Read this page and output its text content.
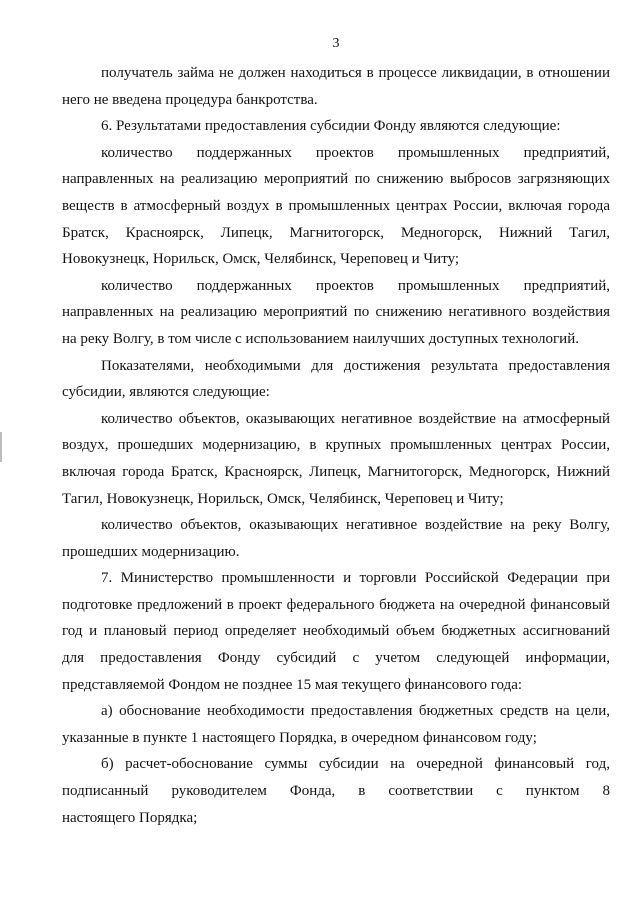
3

получатель займа не должен находиться в процессе ликвидации, в отношении него не введена процедура банкротства.

6. Результатами предоставления субсидии Фонду являются следующие:

количество поддержанных проектов промышленных предприятий, направленных на реализацию мероприятий по снижению выбросов загрязняющих веществ в атмосферный воздух в промышленных центрах России, включая города Братск, Красноярск, Липецк, Магнитогорск, Медногорск, Нижний Тагил, Новокузнецк, Норильск, Омск, Челябинск, Череповец и Читу;

количество поддержанных проектов промышленных предприятий, направленных на реализацию мероприятий по снижению негативного воздействия на реку Волгу, в том числе с использованием наилучших доступных технологий.

Показателями, необходимыми для достижения результата предоставления субсидии, являются следующие:

количество объектов, оказывающих негативное воздействие на атмосферный воздух, прошедших модернизацию, в крупных промышленных центрах России, включая города Братск, Красноярск, Липецк, Магнитогорск, Медногорск, Нижний Тагил, Новокузнецк, Норильск, Омск, Челябинск, Череповец и Читу;

количество объектов, оказывающих негативное воздействие на реку Волгу, прошедших модернизацию.

7. Министерство промышленности и торговли Российской Федерации при подготовке предложений в проект федерального бюджета на очередной финансовый год и плановый период определяет необходимый объем бюджетных ассигнований для предоставления Фонду субсидий с учетом следующей информации, представляемой Фондом не позднее 15 мая текущего финансового года:

а) обоснование необходимости предоставления бюджетных средств на цели, указанные в пункте 1 настоящего Порядка, в очередном финансовом году;

б) расчет-обоснование суммы субсидии на очередной финансовый год, подписанный руководителем Фонда, в соответствии с пунктом 8

настоящего Порядка;
